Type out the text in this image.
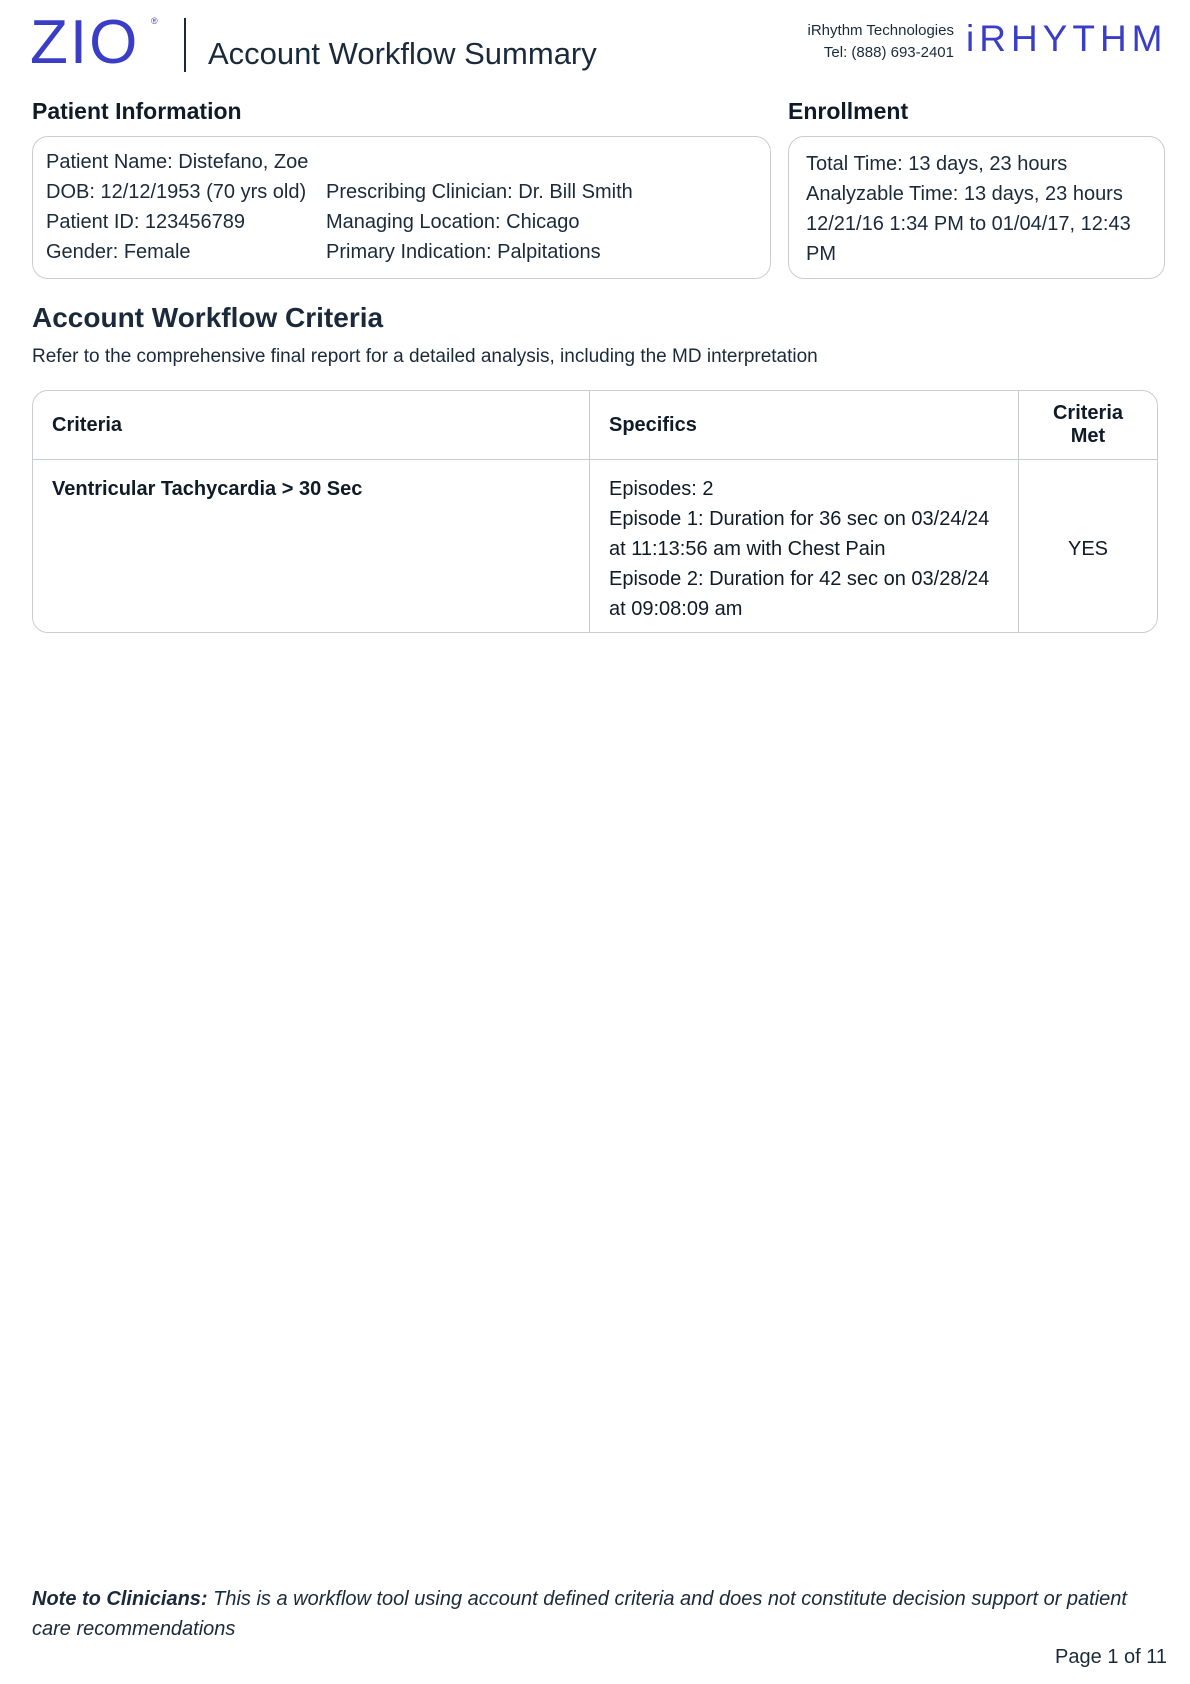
ZIO ®
Account Workflow Summary
iRhythm Technologies
Tel: (888) 693-2401 iRHYTHM
Patient Information
Patient Name: Distefano, Zoe
DOB: 12/12/1953 (70 yrs old)
Patient ID: 123456789
Gender: Female
Prescribing Clinician: Dr. Bill Smith
Managing Location: Chicago
Primary Indication: Palpitations
Enrollment
Total Time: 13 days, 23 hours
Analyzable Time: 13 days, 23 hours
12/21/16 1:34 PM to 01/04/17, 12:43 PM
Account Workflow Criteria
Refer to the comprehensive final report for a detailed analysis, including the MD interpretation
Criteria	Specifics	Criteria Met
Ventricular Tachycardia > 30 Sec	Episodes: 2
Episode 1: Duration for 36 sec on 03/24/24 at 11:13:56 am with Chest Pain
Episode 2: Duration for 42 sec on 03/28/24 at 09:08:09 am	YES
Note to Clinicians: This is a workflow tool using account defined criteria and does not constitute decision support or patient care recommendations
Page 1 of 11
